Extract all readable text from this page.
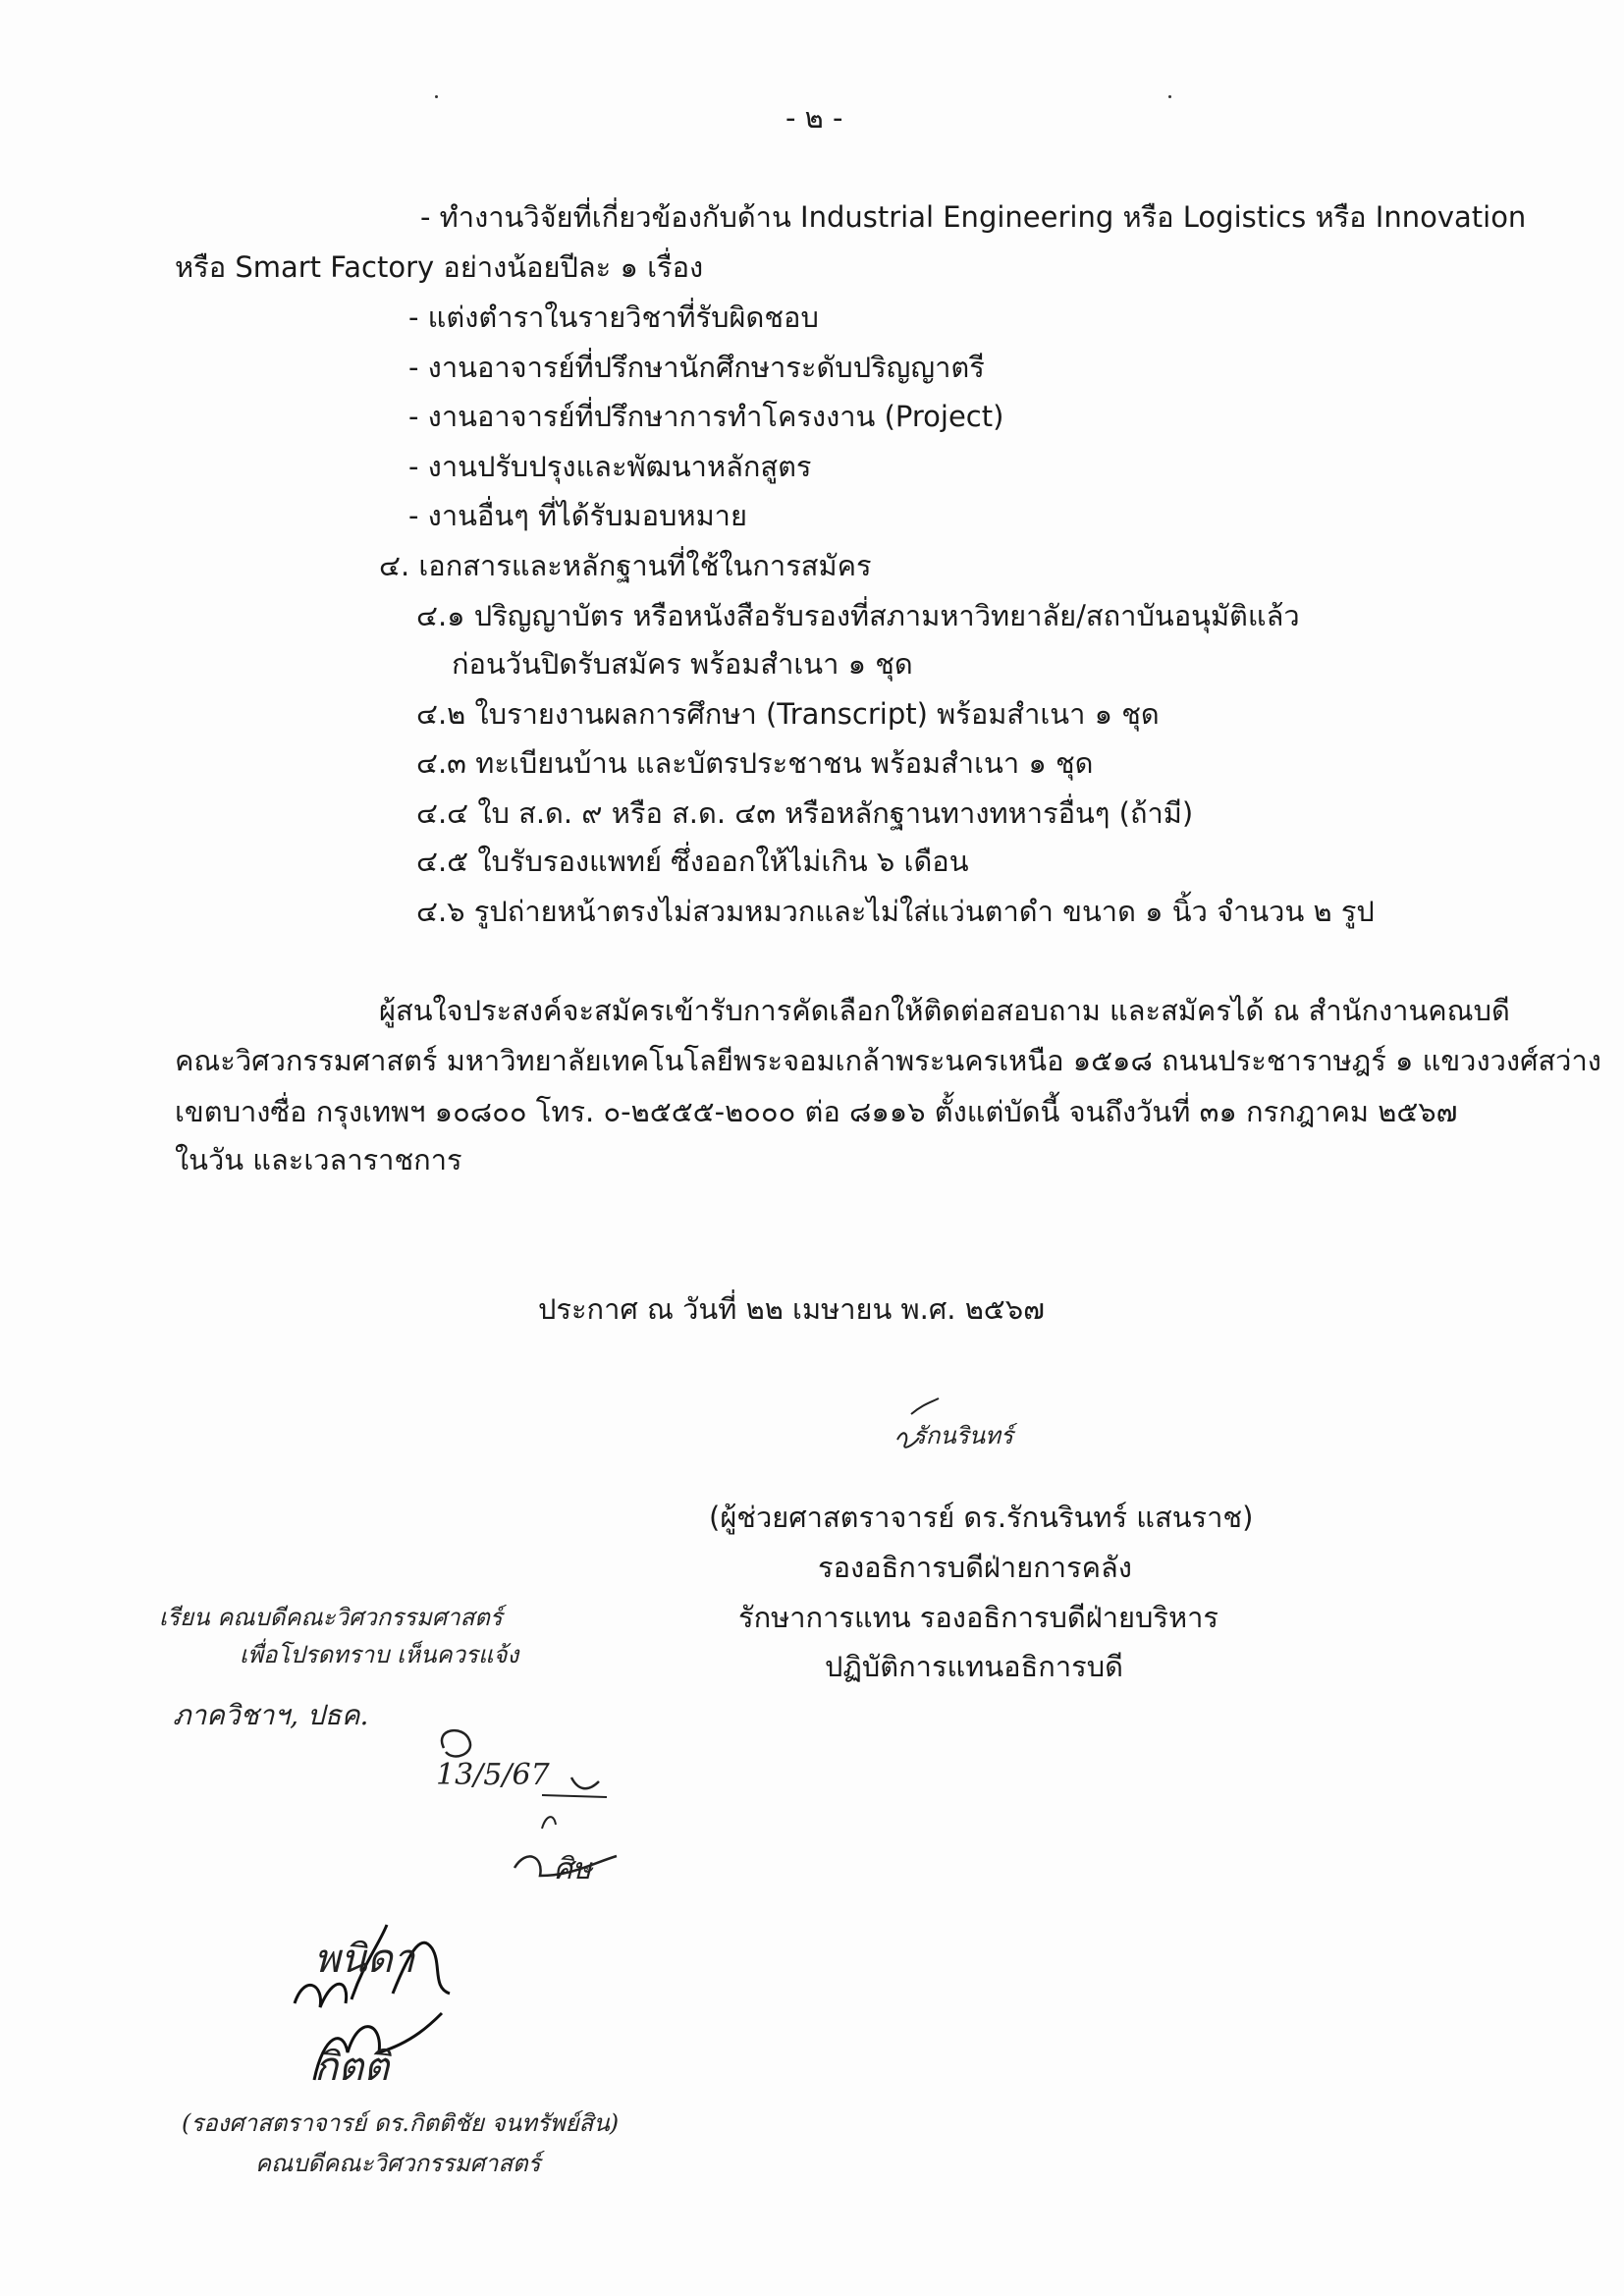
- ๒ -
- ทำงานวิจัยที่เกี่ยวข้องกับด้าน Industrial Engineering หรือ Logistics หรือ Innovation
หรือ Smart Factory อย่างน้อยปีละ ๑ เรื่อง
- แต่งตำราในรายวิชาที่รับผิดชอบ
- งานอาจารย์ที่ปรึกษานักศึกษาระดับปริญญาตรี
- งานอาจารย์ที่ปรึกษาการทำโครงงาน (Project)
- งานปรับปรุงและพัฒนาหลักสูตร
- งานอื่นๆ ที่ได้รับมอบหมาย
๔. เอกสารและหลักฐานที่ใช้ในการสมัคร
๔.๑ ปริญญาบัตร หรือหนังสือรับรองที่สภามหาวิทยาลัย/สถาบันอนุมัติแล้ว
ก่อนวันปิดรับสมัคร พร้อมสำเนา ๑ ชุด
๔.๒ ใบรายงานผลการศึกษา (Transcript) พร้อมสำเนา ๑ ชุด
๔.๓ ทะเบียนบ้าน และบัตรประชาชน พร้อมสำเนา ๑ ชุด
๔.๔ ใบ ส.ด. ๙ หรือ ส.ด. ๔๓ หรือหลักฐานทางทหารอื่นๆ (ถ้ามี)
๔.๕ ใบรับรองแพทย์ ซึ่งออกให้ไม่เกิน ๖ เดือน
๔.๖ รูปถ่ายหน้าตรงไม่สวมหมวกและไม่ใส่แว่นตาดำ ขนาด ๑ นิ้ว จำนวน ๒ รูป
ผู้สนใจประสงค์จะสมัครเข้ารับการคัดเลือกให้ติดต่อสอบถาม และสมัครได้ ณ สำนักงานคณบดี
คณะวิศวกรรมศาสตร์ มหาวิทยาลัยเทคโนโลยีพระจอมเกล้าพระนครเหนือ ๑๕๑๘ ถนนประชาราษฎร์ ๑ แขวงวงศ์สว่าง
เขตบางซื่อ กรุงเทพฯ ๑๐๘๐๐ โทร. ๐-๒๕๕๕-๒๐๐๐ ต่อ ๘๑๑๖ ตั้งแต่บัดนี้ จนถึงวันที่ ๓๑ กรกฎาคม ๒๕๖๗
ในวัน และเวลาราชการ
ประกาศ ณ วันที่ ๒๒ เมษายน พ.ศ. ๒๕๖๗
รักนรินทร์
(ผู้ช่วยศาสตราจารย์ ดร.รักนรินทร์ แสนราช)
รองอธิการบดีฝ่ายการคลัง
รักษาการแทน รองอธิการบดีฝ่ายบริหาร
ปฏิบัติการแทนอธิการบดี
เรียน คณบดีคณะวิศวกรรมศาสตร์
เพื่อโปรดทราบ เห็นควรแจ้ง
ภาควิชาฯ, ปธค.
13/5/67
ศิษ
พนิดา
กิตติ
(รองศาสตราจารย์ ดร.กิตติชัย จนทรัพย์สิน)
คณบดีคณะวิศวกรรมศาสตร์
